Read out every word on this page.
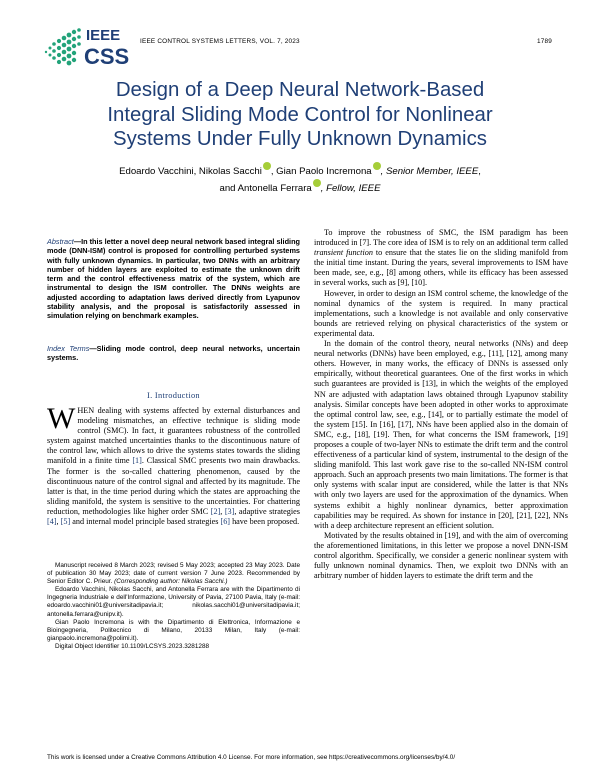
IEEE
CSS
IEEE CONTROL SYSTEMS LETTERS, VOL. 7, 2023	1789
Design of a Deep Neural Network-Based
Integral Sliding Mode Control for Nonlinear
Systems Under Fully Unknown Dynamics
Edoardo Vacchini, Nikolas Sacchi , Gian Paolo Incremona , Senior Member, IEEE,
and Antonella Ferrara , Fellow, IEEE
Abstract—In this letter a novel deep neural network based integral sliding mode (DNN-ISM) control is proposed for controlling perturbed systems with fully unknown dynamics. In particular, two DNNs with an arbitrary number of hidden layers are exploited to estimate the unknown drift term and the control effectiveness matrix of the system, which are instrumental to design the ISM controller. The DNNs weights are adjusted according to adaptation laws derived directly from Lyapunov stability analysis, and the proposal is satisfactorily assessed in simulation relying on benchmark examples.
Index Terms—Sliding mode control, deep neural networks, uncertain systems.
I. Introduction
WHEN dealing with systems affected by external disturbances and modeling mismatches, an effective technique is sliding mode control (SMC). In fact, it guarantees robustness of the controlled system against matched uncertainties thanks to the discontinuous nature of the control law, which allows to drive the systems states towards the sliding manifold in a finite time [1]. Classical SMC presents two main drawbacks. The former is the so-called chattering phenomenon, caused by the discontinuous nature of the control signal and affected by its magnitude. The latter is that, in the time period during which the states are approaching the sliding manifold, the system is sensitive to the uncertainties. For chattering reduction, methodologies like higher order SMC [2], [3], adaptive strategies [4], [5] and internal model principle based strategies [6] have been proposed.

Manuscript received 8 March 2023; revised 5 May 2023; accepted 23 May 2023. Date of publication 30 May 2023; date of current version 7 June 2023. Recommended by Senior Editor C. Prieur. (Corresponding author: Nikolas Sacchi.)

Edoardo Vacchini, Nikolas Sacchi, and Antonella Ferrara are with the Dipartimento di Ingegneria Industriale e dell'Informazione, University of Pavia, 27100 Pavia, Italy (e-mail: edoardo.vacchini01@universitadipavia.it; nikolas.sacchi01@universitadipavia.it; antonella.ferrara@unipv.it).

Gian Paolo Incremona is with the Dipartimento di Elettronica, Informazione e Bioingegneria, Politecnico di Milano, 20133 Milan, Italy (e-mail: gianpaolo.incremona@polimi.it).

Digital Object Identifier 10.1109/LCSYS.2023.3281288

To improve the robustness of SMC, the ISM paradigm has been introduced in [7]. The core idea of ISM is to rely on an additional term called transient function to ensure that the states lie on the sliding manifold from the initial time instant. During the years, several improvements to ISM have been made, see, e.g., [8] among others, while its efficacy has been assessed in several works, such as [9], [10].

However, in order to design an ISM control scheme, the knowledge of the nominal dynamics of the system is required. In many practical implementations, such a knowledge is not available and only conservative bounds are retrieved relying on physical characteristics of the system or experimental data.

In the domain of the control theory, neural networks (NNs) and deep neural networks (DNNs) have been employed, e.g., [11], [12], among many others. However, in many works, the efficacy of DNNs is assessed only empirically, without theoretical guarantees. One of the first works in which such guarantees are provided is [13], in which the weights of the employed NN are adjusted with adaptation laws obtained through Lyapunov stability analysis. Similar concepts have been adopted in other works to approximate the optimal control law, see, e.g., [14], or to partially estimate the model of the system [15]. In [16], [17], NNs have been applied also in the domain of SMC, e.g., [18], [19]. Then, for what concerns the ISM framework, [19] proposes a couple of two-layer NNs to estimate the drift term and the control effectiveness of a particular kind of system, instrumental to the design of the sliding manifold. This last work gave rise to the so-called NN-ISM control approach. Such an approach presents two main limitations. The former is that only systems with scalar input are considered, while the latter is that NNs with only two layers are used for the approximation of the dynamics. When systems exhibit a highly nonlinear dynamics, better approximation capabilities may be required. As shown for instance in [20], [21], [22], NNs with a deep architecture represent an efficient solution.

Motivated by the results obtained in [19], and with the aim of overcoming the aforementioned limitations, in this letter we propose a novel DNN-ISM control algorithm. Specifically, we consider a generic nonlinear system with fully unknown nominal dynamics. Then, we exploit two DNNs with an arbitrary number of hidden layers to estimate the drift term and the

This work is licensed under a Creative Commons Attribution 4.0 License. For more information, see https://creativecommons.org/licenses/by/4.0/
